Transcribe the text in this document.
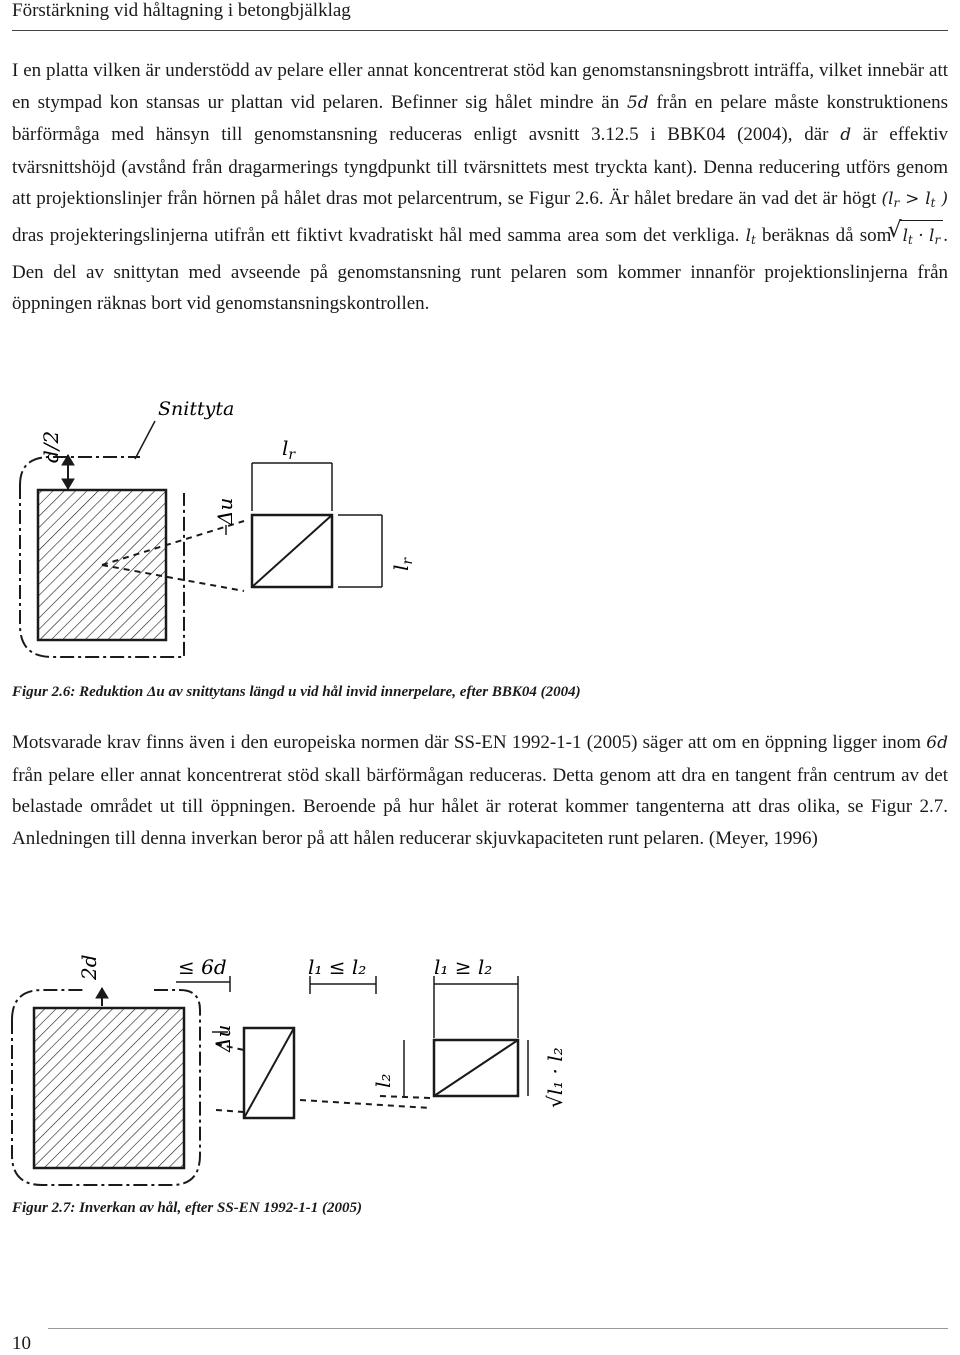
Förstärkning vid håltagning i betongbjälklag

I en platta vilken är understödd av pelare eller annat koncentrerat stöd kan genomstansningsbrott inträffa, vilket innebär att en stympad kon stansas ur plattan vid pelaren. Befinner sig hålet mindre än 5d från en pelare måste konstruktionens bärförmåga med hänsyn till genomstansning reduceras enligt avsnitt 3.12.5 i BBK04 (2004), där d är effektiv tvärsnittshöjd (avstånd från dragarmerings tyngdpunkt till tvärsnittets mest tryckta kant). Denna reducering utförs genom att projektionslinjer från hörnen på hålet dras mot pelarcentrum, se Figur 2.6. Är hålet bredare än vad det är högt ($l_r > l_t$ ) dras projekteringslinjerna utifrån ett fiktivt kvadratiskt hål med samma area som det verkliga. $l_t$ beräknas då som √ $l_t \cdot l_r$ . Den del av snittytan med avseende på genomstansning runt pelaren som kommer innanför projektionslinjerna från öppningen räknas bort vid genomstansningskontrollen.

Snittyta
d/2	$l_r$
Δu
$l_r$
Figur 2.6: Reduktion Δu av snittytans längd u vid hål invid innerpelare, efter BBK04 (2004)

Motsvarade krav finns även i den europeiska normen där SS-EN 1992-1-1 (2005) säger att om en öppning ligger inom 6d från pelare eller annat koncentrerat stöd skall bärförmågan reduceras. Detta genom att dra en tangent från centrum av det belastade området ut till öppningen. Beroende på hur hålet är roterat kommer tangenterna att dras olika, se Figur 2.7. Anledningen till denna inverkan beror på att hålen reducerar skjuvkapaciteten runt pelaren. (Meyer, 1996)

2d	≤ 6d	l₁ ≤ l₂	l₁ ≥ l₂
Δu
l₂	√l₁ · l₂
Figur 2.7: Inverkan av hål, efter SS-EN 1992-1-1 (2005)
10
